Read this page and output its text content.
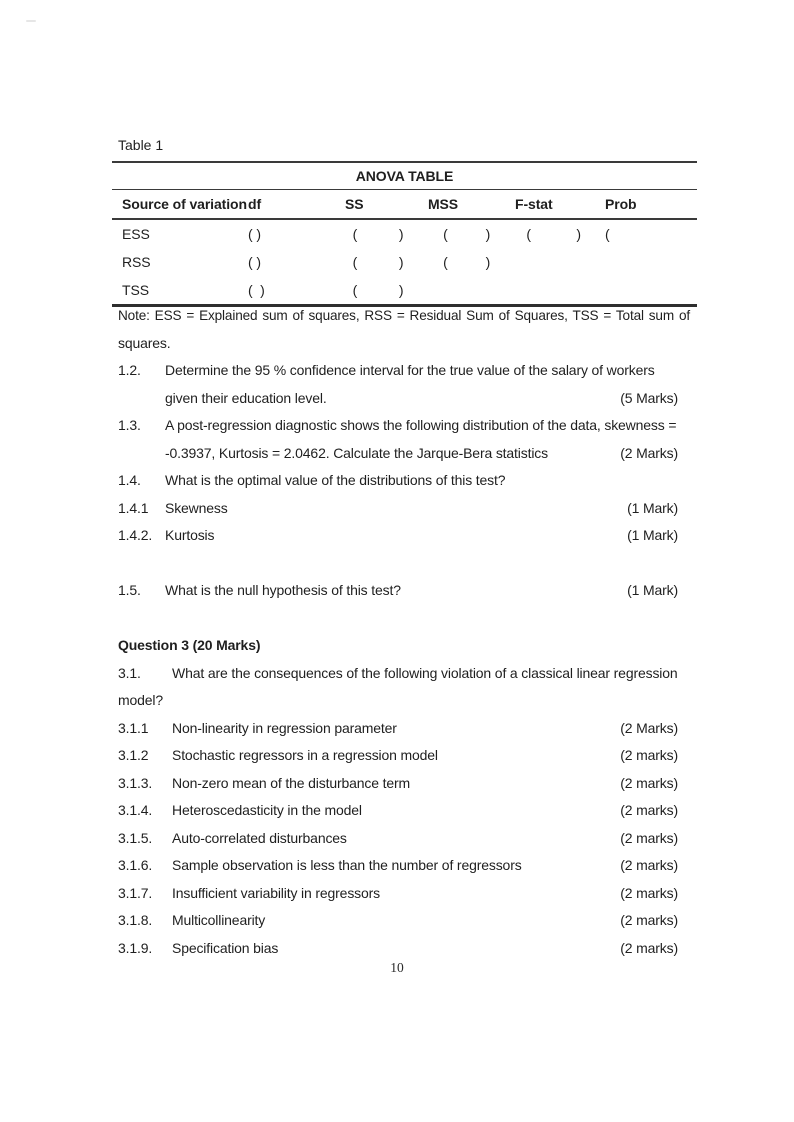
Table 1
ANOVA TABLE
Source of variation df	SS	MSS	F-stat	Prob
ESS	( )	(           )	(          )	(            )	(
RSS	( )	(           )	(          )
TSS	(  )	(           )
Note: ESS = Explained sum of squares, RSS = Residual Sum of Squares, TSS = Total sum of
squares.
1.2.	Determine the 95 % confidence interval for the true value of the salary of workers
given their education level.	(5 Marks)
1.3.	A post-regression diagnostic shows the following distribution of the data, skewness =
-0.3937, Kurtosis = 2.0462. Calculate the Jarque-Bera statistics	(2 Marks)
1.4.	What is the optimal value of the distributions of this test?
1.4.1	Skewness	(1 Mark)
1.4.2. Kurtosis	(1 Mark)
1.5.	What is the null hypothesis of this test?	(1 Mark)
Question 3 (20 Marks)
3.1.	What are the consequences of the following violation of a classical linear regression
model?
3.1.1	Non-linearity in regression parameter	(2 Marks)
3.1.2	Stochastic regressors in a regression model	(2 marks)
3.1.3.	Non-zero mean of the disturbance term	(2 marks)
3.1.4.	Heteroscedasticity in the model	(2 marks)
3.1.5.	Auto-correlated disturbances	(2 marks)
3.1.6.	Sample observation is less than the number of regressors	(2 marks)
3.1.7.	Insufficient variability in regressors	(2 marks)
3.1.8.	Multicollinearity	(2 marks)
3.1.9.	Specification bias	(2 marks)
10
